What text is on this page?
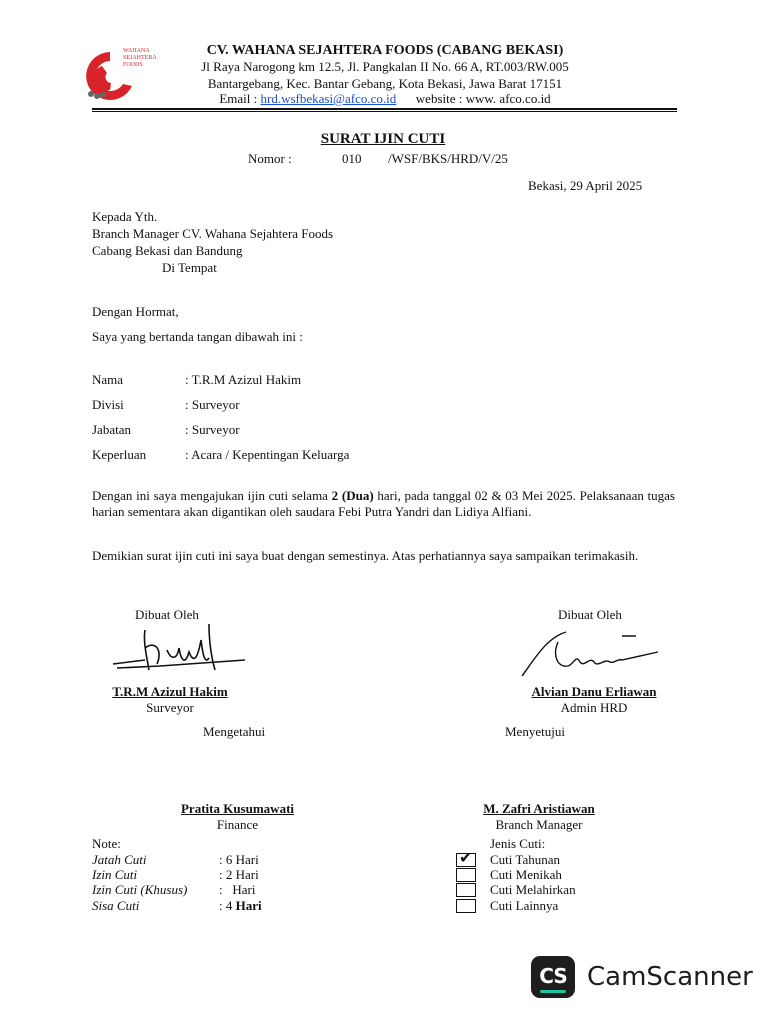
WAHANA
SEJAHTERA
FOODS
CV. WAHANA SEJAHTERA FOODS (CABANG BEKASI)
Jl Raya Narogong km 12.5, Jl. Pangkalan II No. 66 A, RT.003/RW.005
Bantargebang, Kec. Bantar Gebang, Kota Bekasi, Jawa Barat 17151
Email : hrd.wsfbekasi@afco.co.id website : www. afco.co.id
SURAT IJIN CUTI
Nomor :	010 /WSF/BKS/HRD/V/25
Bekasi, 29 April 2025
Kepada Yth.
Branch Manager CV. Wahana Sejahtera Foods
Cabang Bekasi dan Bandung
Di Tempat
Dengan Hormat,
Saya yang bertanda tangan dibawah ini :
Nama	: T.R.M Azizul Hakim
Divisi	: Surveyor
Jabatan	: Surveyor
Keperluan	: Acara / Kepentingan Keluarga
Dengan ini saya mengajukan ijin cuti selama 2 (Dua) hari, pada tanggal 02 & 03 Mei 2025. Pelaksanaan tugas harian sementara akan digantikan oleh saudara Febi Putra Yandri dan Lidiya Alfiani.
Demikian surat ijin cuti ini saya buat dengan semestinya. Atas perhatiannya saya sampaikan terimakasih.
Dibuat Oleh	Dibuat Oleh
T.R.M Azizul Hakim
Surveyor
Alvian Danu Erliawan
Admin HRD
Mengetahui	Menyetujui
Pratita Kusumawati
Finance
M. Zafri Aristiawan
Branch Manager
Note:
Jatah Cuti	: 6 Hari
Izin Cuti	: 2 Hari
Izin Cuti (Khusus) :   Hari
Sisa Cuti	: 4 Hari
Jenis Cuti:
✔ Cuti Tahunan
Cuti Menikah
Cuti Melahirkan
Cuti Lainnya
CS CamScanner
